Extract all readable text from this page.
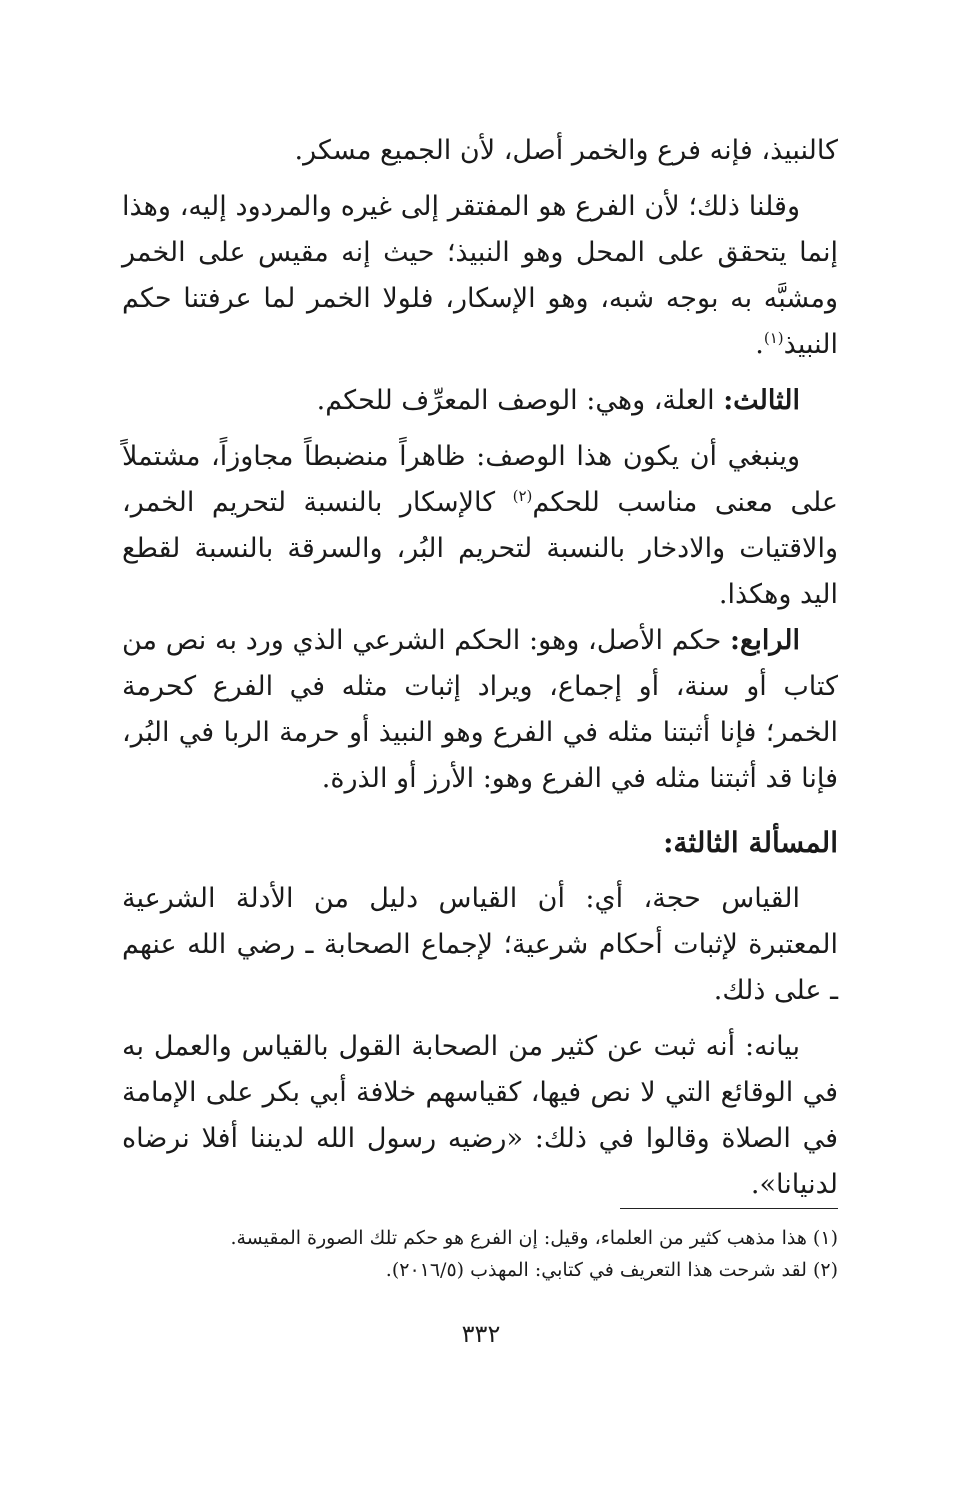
كالنبيذ، فإنه فرع والخمر أصل، لأن الجميع مسكر.

وقلنا ذلك؛ لأن الفرع هو المفتقر إلى غيره والمردود إليه، وهذا إنما يتحقق على المحل وهو النبيذ؛ حيث إنه مقيس على الخمر ومشبَّه به بوجه شبه، وهو الإسكار، فلولا الخمر لما عرفتنا حكم النبيذ$^{(١)}$.

الثالث: العلة، وهي: الوصف المعرِّف للحكم.

وينبغي أن يكون هذا الوصف: ظاهراً منضبطاً مجاوزاً، مشتملاً على معنى مناسب للحكم$^{(٢)}$ كالإسكار بالنسبة لتحريم الخمر، والاقتيات والادخار بالنسبة لتحريم البُر، والسرقة بالنسبة لقطع اليد وهكذا.

الرابع: حكم الأصل، وهو: الحكم الشرعي الذي ورد به نص من كتاب أو سنة، أو إجماع، ويراد إثبات مثله في الفرع كحرمة الخمر؛ فإنا أثبتنا مثله في الفرع وهو النبيذ أو حرمة الربا في البُر، فإنا قد أثبتنا مثله في الفرع وهو: الأرز أو الذرة.

المسألة الثالثة:

القياس حجة، أي: أن القياس دليل من الأدلة الشرعية المعتبرة لإثبات أحكام شرعية؛ لإجماع الصحابة ـ رضي الله عنهم ـ على ذلك.

بيانه: أنه ثبت عن كثير من الصحابة القول بالقياس والعمل به في الوقائع التي لا نص فيها، كقياسهم خلافة أبي بكر على الإمامة في الصلاة وقالوا في ذلك: «رضيه رسول الله لديننا أفلا نرضاه لدنيانا».

(١) هذا مذهب كثير من العلماء، وقيل: إن الفرع هو حكم تلك الصورة المقيسة.

(٢) لقد شرحت هذا التعريف في كتابي: المهذب (٢٠١٦/٥).

٣٣٢
